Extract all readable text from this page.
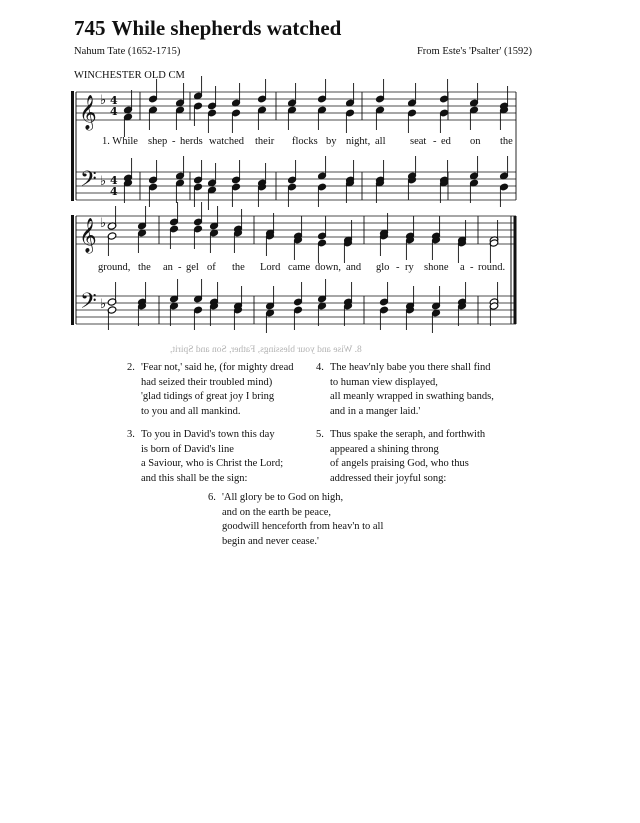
745 While shepherds watched
Nahum Tate (1652-1715)	From Este's 'Psalter' (1592)
WINCHESTER OLD CM
𝄞
𝄢
𝄞
𝄢
♭
♭
♭
♭
4
4
4
4
1. While shep - herds watched their flocks by night, all seat - ed on the
ground, the an - gel of the Lord came down, and glo - ry shone a - round.
8. Wise and your blessings, Father, Son and Spirit,
2. 'Fear not,' said he, (for mighty dread
had seized their troubled mind)
'glad tidings of great joy I bring
to you and all mankind.
3. To you in David's town this day
is born of David's line
a Saviour, who is Christ the Lord;
and this shall be the sign:
4. The heav'nly babe you there shall find
to human view displayed,
all meanly wrapped in swathing bands,
and in a manger laid.'
5. Thus spake the seraph, and forthwith
appeared a shining throng
of angels praising God, who thus
addressed their joyful song:
6. 'All glory be to God on high,
and on the earth be peace,
goodwill henceforth from heav'n to all
begin and never cease.'
